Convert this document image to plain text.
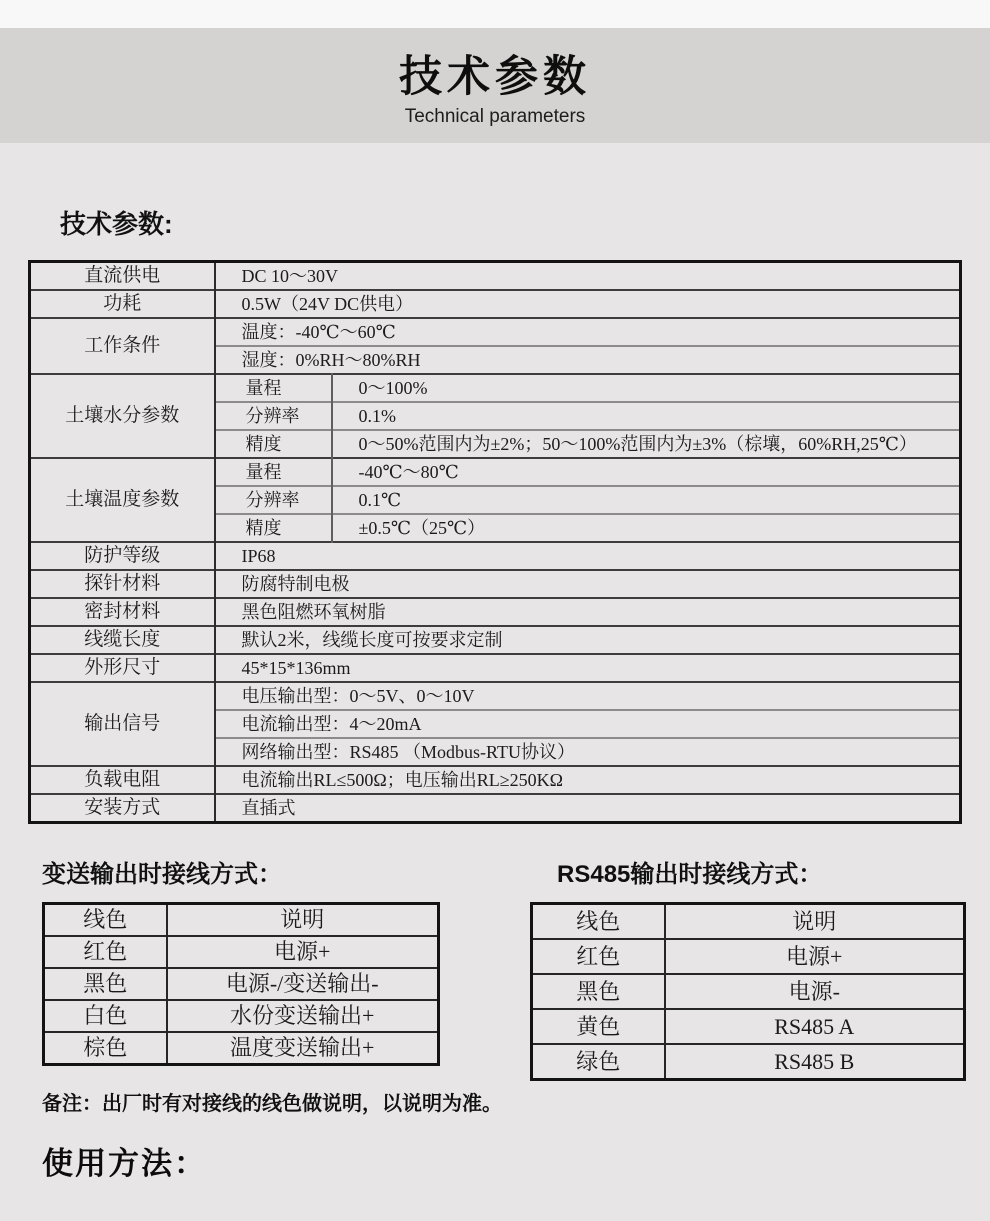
技术参数
Technical parameters
技术参数:
直流供电	DC 10～30V	
功耗	0.5W（24V DC供电）	
工作条件	温度：-40℃～60℃	
	湿度：0%RH～80%RH	
土壤水分参数	量程	0～100%
	分辨率	0.1%
	精度	0～50%范围内为±2%；50～100%范围内为±3%（棕壤，60%RH,25℃）
土壤温度参数	量程	-40℃～80℃
	分辨率	0.1℃
	精度	±0.5℃（25℃）
防护等级	IP68	
探针材料	防腐特制电极	
密封材料	黑色阻燃环氧树脂	
线缆长度	默认2米，线缆长度可按要求定制	
外形尺寸	45*15*136mm	
输出信号	电压输出型：0～5V、0～10V	
	电流输出型：4～20mA	
	网络输出型：RS485 （Modbus-RTU协议）	
负载电阻	电流输出RL≤500Ω；电压输出RL≥250KΩ	
安装方式	直插式	
变送输出时接线方式：
线色	说明
红色	电源+
黑色	电源-/变送输出-
白色	水份变送输出+
棕色	温度变送输出+
RS485输出时接线方式：
线色	说明
红色	电源+
黑色	电源-
黄色	RS485 A
绿色	RS485 B
备注：出厂时有对接线的线色做说明，以说明为准。
使用方法：
